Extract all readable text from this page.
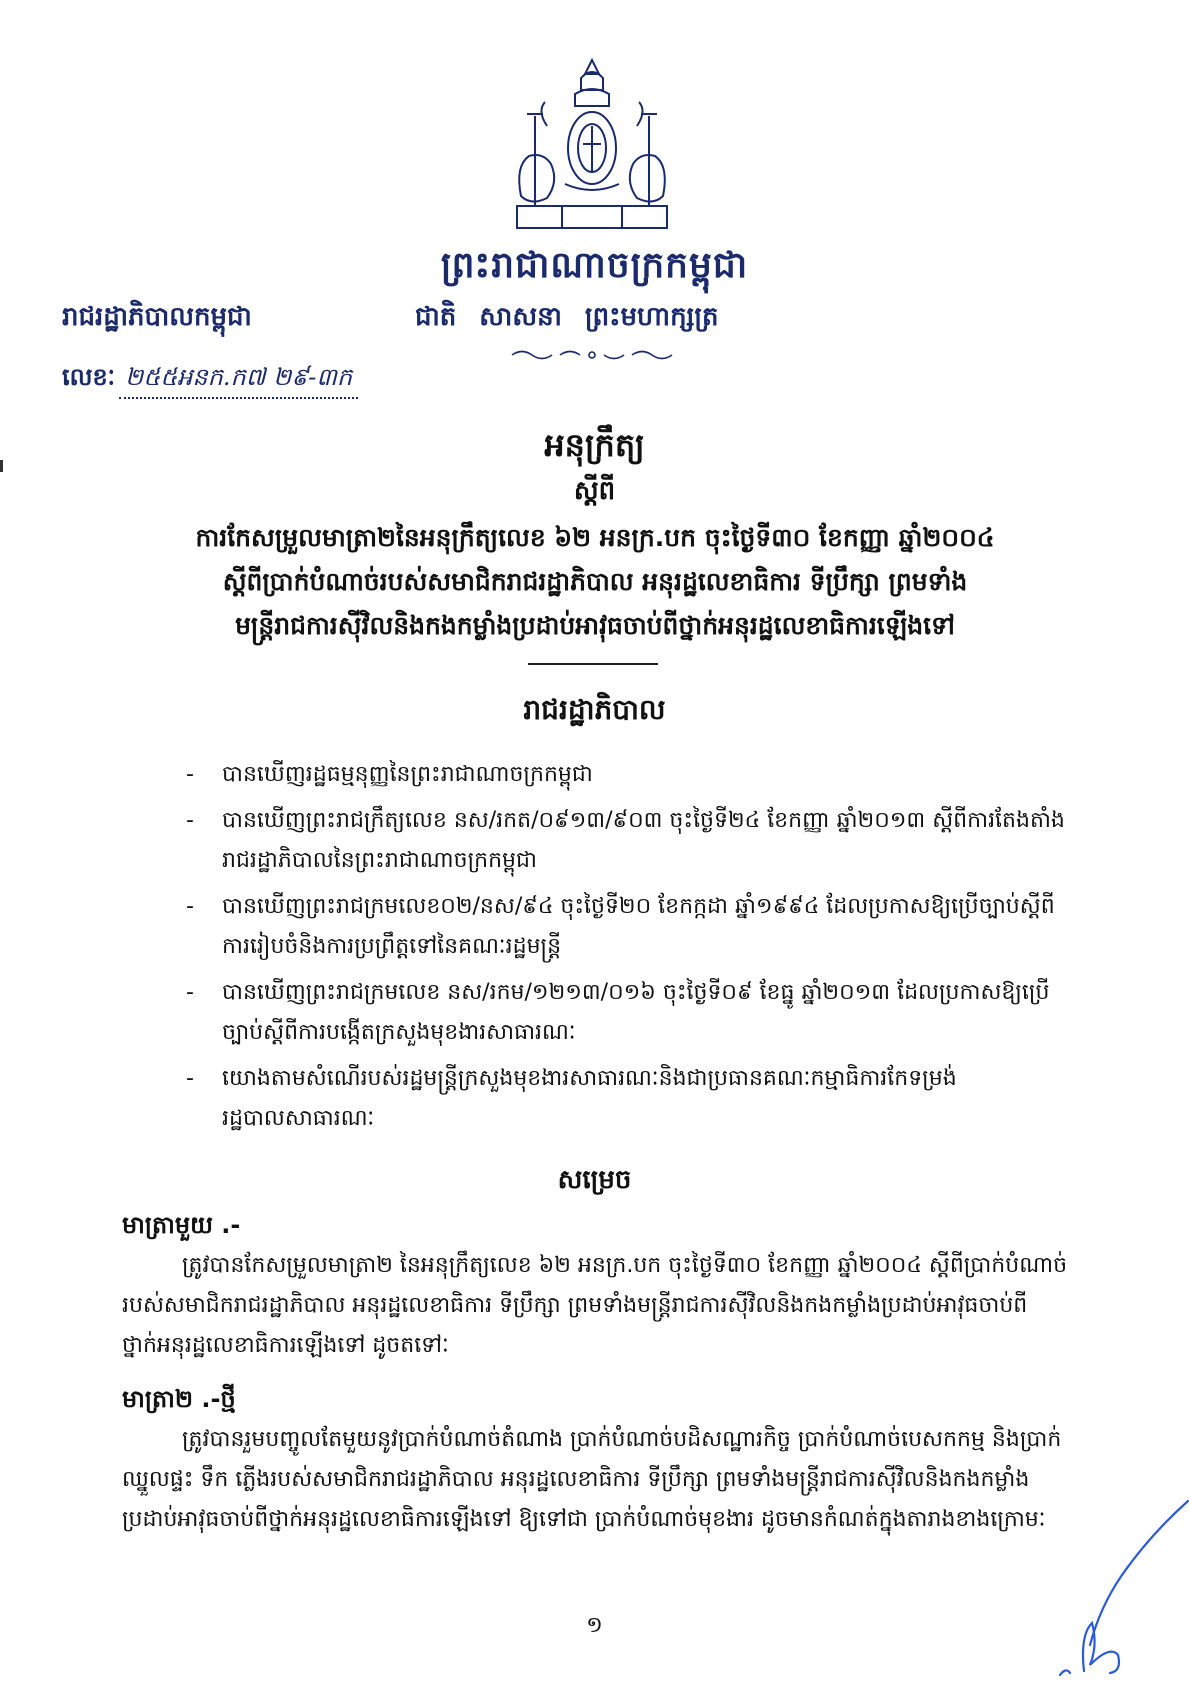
ព្រះរាជាណាចក្រកម្ពុជា
រាជរដ្ឋាភិបាលកម្ពុជា	ជាតិ សាសនា ព្រះមហាក្សត្រ
លេខៈ ២៥៥អនក.ក៧ ២៩-៣ក
អនុក្រឹត្យ
ស្តីពី
ការកែសម្រួលមាត្រា២នៃអនុក្រឹត្យលេខ ៦២ អនក្រ.បក ចុះថ្ងៃទី៣០ ខែកញ្ញា ឆ្នាំ២០០៤
ស្តីពីប្រាក់បំណាច់របស់សមាជិករាជរដ្ឋាភិបាល អនុរដ្ឋលេខាធិការ ទីប្រឹក្សា ព្រមទាំង
មន្រ្តីរាជការស៊ីវិលនិងកងកម្លាំងប្រដាប់អាវុធចាប់ពីថ្នាក់អនុរដ្ឋលេខាធិការឡើងទៅ
រាជរដ្ឋាភិបាល
- បានឃើញរដ្ឋធម្មនុញ្ញនៃព្រះរាជាណាចក្រកម្ពុជា
- បានឃើញព្រះរាជក្រឹត្យលេខ នស/រកត/០៩១៣/៩០៣ ចុះថ្ងៃទី២៤ ខែកញ្ញា ឆ្នាំ២០១៣ ស្តីពីការតែងតាំងរាជរដ្ឋាភិបាលនៃព្រះរាជាណាចក្រកម្ពុជា
- បានឃើញព្រះរាជក្រមលេខ០២/នស/៩៤ ចុះថ្ងៃទី២០ ខែកក្កដា ឆ្នាំ១៩៩៤ ដែលប្រកាសឱ្យប្រើច្បាប់ស្តីពីការរៀបចំនិងការប្រព្រឹត្តទៅនៃគណៈរដ្ឋមន្ត្រី
- បានឃើញព្រះរាជក្រមលេខ នស/រកម/១២១៣/០១៦ ចុះថ្ងៃទី០៩ ខែធ្នូ ឆ្នាំ២០១៣ ដែលប្រកាសឱ្យប្រើច្បាប់ស្តីពីការបង្កើតក្រសួងមុខងារសាធារណៈ
- យោងតាមសំណើរបស់រដ្ឋមន្ត្រីក្រសួងមុខងារសាធារណៈនិងជាប្រធានគណៈកម្មាធិការកែទម្រង់រដ្ឋបាលសាធារណៈ
សម្រេច
មាត្រាមួយ .-

ត្រូវបានកែសម្រួលមាត្រា២ នៃអនុក្រឹត្យលេខ ៦២ អនក្រ.បក ចុះថ្ងៃទី៣០ ខែកញ្ញា ឆ្នាំ២០០៤ ស្តីពីប្រាក់បំណាច់របស់សមាជិករាជរដ្ឋាភិបាល អនុរដ្ឋលេខាធិការ ទីប្រឹក្សា ព្រមទាំងមន្រ្តីរាជការស៊ីវិលនិងកងកម្លាំងប្រដាប់អាវុធចាប់ពីថ្នាក់អនុរដ្ឋលេខាធិការឡើងទៅ ដូចតទៅៈ

មាត្រា២ .-ថ្មី

ត្រូវបានរួមបញ្ចូលតែមួយនូវប្រាក់បំណាច់តំណាង ប្រាក់បំណាច់បដិសណ្ឋារកិច្ច ប្រាក់បំណាច់បេសកកម្ម និងប្រាក់ឈ្នួលផ្ទះ ទឹក ភ្លើងរបស់សមាជិករាជរដ្ឋាភិបាល អនុរដ្ឋលេខាធិការ ទីប្រឹក្សា ព្រមទាំងមន្រ្តីរាជការស៊ីវិលនិងកងកម្លាំងប្រដាប់អាវុធចាប់ពីថ្នាក់អនុរដ្ឋលេខាធិការឡើងទៅ ឱ្យទៅជា ប្រាក់បំណាច់មុខងារ ដូចមានកំណត់ក្នុងតារាងខាងក្រោមៈ

១
